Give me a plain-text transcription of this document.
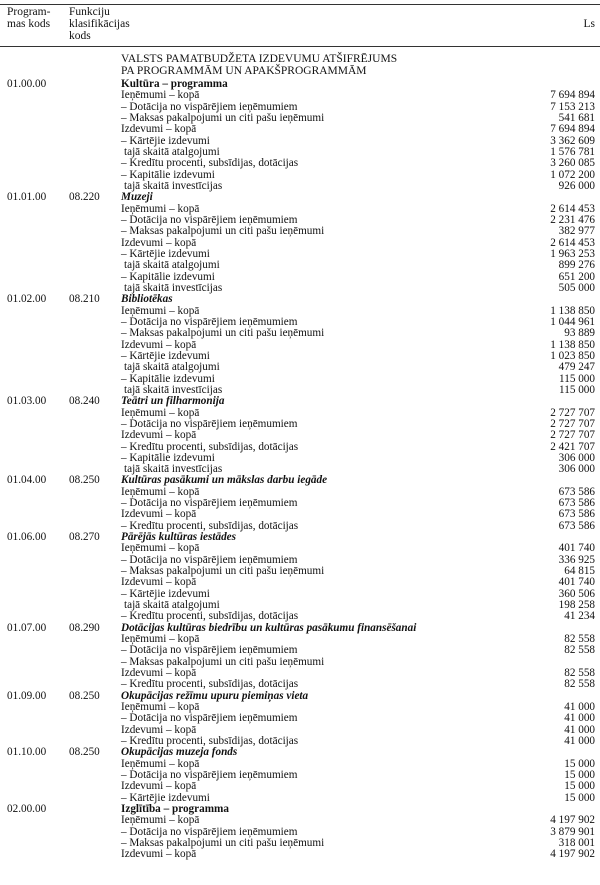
Program-
mas kods
Funkciju
klasifikācijas
kods
Ls
VALSTS PAMATBUDŽETA IZDEVUMU ATŠIFRĒJUMS
PA PROGRAMMĀM UN APAKŠPROGRAMMĀM
01.00.00	Kultūra – programma
Ieņēmumi – kopā	7 694 894
– Dotācija no vispārējiem ieņēmumiem	7 153 213
– Maksas pakalpojumi un citi pašu ieņēmumi	541 681
Izdevumi – kopā	7 694 894
– Kārtējie izdevumi	3 362 609
tajā skaitā atalgojumi	1 576 781
– Kredītu procenti, subsīdijas, dotācijas	3 260 085
– Kapitālie izdevumi	1 072 200
tajā skaitā investīcijas	926 000
01.01.00 08.220 Muzeji
Ieņēmumi – kopā	2 614 453
– Dotācija no vispārējiem ieņēmumiem	2 231 476
– Maksas pakalpojumi un citi pašu ieņēmumi	382 977
Izdevumi – kopā	2 614 453
– Kārtējie izdevumi	1 963 253
tajā skaitā atalgojumi	899 276
– Kapitālie izdevumi	651 200
tajā skaitā investīcijas	505 000
01.02.00 08.210 Bibliotēkas
Ieņēmumi – kopā	1 138 850
– Dotācija no vispārējiem ieņēmumiem	1 044 961
– Maksas pakalpojumi un citi pašu ieņēmumi	93 889
Izdevumi – kopā	1 138 850
– Kārtējie izdevumi	1 023 850
tajā skaitā atalgojumi	479 247
– Kapitālie izdevumi	115 000
tajā skaitā investīcijas	115 000
01.03.00 08.240 Teātri un filharmonija
Ieņēmumi – kopā	2 727 707
– Dotācija no vispārējiem ieņēmumiem	2 727 707
Izdevumi – kopā	2 727 707
– Kredītu procenti, subsīdijas, dotācijas	2 421 707
– Kapitālie izdevumi	306 000
tajā skaitā investīcijas	306 000
01.04.00 08.250 Kultūras pasākumi un mākslas darbu iegāde
Ieņēmumi – kopā	673 586
– Dotācija no vispārējiem ieņēmumiem	673 586
Izdevumi – kopā	673 586
– Kredītu procenti, subsīdijas, dotācijas	673 586
01.06.00 08.270 Pārējās kultūras iestādes
Ieņēmumi – kopā	401 740
– Dotācija no vispārējiem ieņēmumiem	336 925
– Maksas pakalpojumi un citi pašu ieņēmumi	64 815
Izdevumi – kopā	401 740
– Kārtējie izdevumi	360 506
tajā skaitā atalgojumi	198 258
– Kredītu procenti, subsīdijas, dotācijas	41 234
01.07.00 08.290 Dotācijas kultūras biedrību un kultūras pasākumu finansēšanai
Ieņēmumi – kopā	82 558
– Dotācija no vispārējiem ieņēmumiem	82 558
– Maksas pakalpojumi un citi pašu ieņēmumi
Izdevumi – kopā	82 558
– Kredītu procenti, subsīdijas, dotācijas	82 558
01.09.00 08.250 Okupācijas režīmu upuru piemiņas vieta
Ieņēmumi – kopā	41 000
– Dotācija no vispārējiem ieņēmumiem	41 000
Izdevumi – kopā	41 000
– Kredītu procenti, subsīdijas, dotācijas	41 000
01.10.00 08.250 Okupācijas muzeja fonds
Ieņēmumi – kopā	15 000
– Dotācija no vispārējiem ieņēmumiem	15 000
Izdevumi – kopā	15 000
– Kārtējie izdevumi	15 000
02.00.00	Izglītība – programma
Ieņēmumi – kopā	4 197 902
– Dotācija no vispārējiem ieņēmumiem	3 879 901
– Maksas pakalpojumi un citi pašu ieņēmumi	318 001
Izdevumi – kopā	4 197 902
